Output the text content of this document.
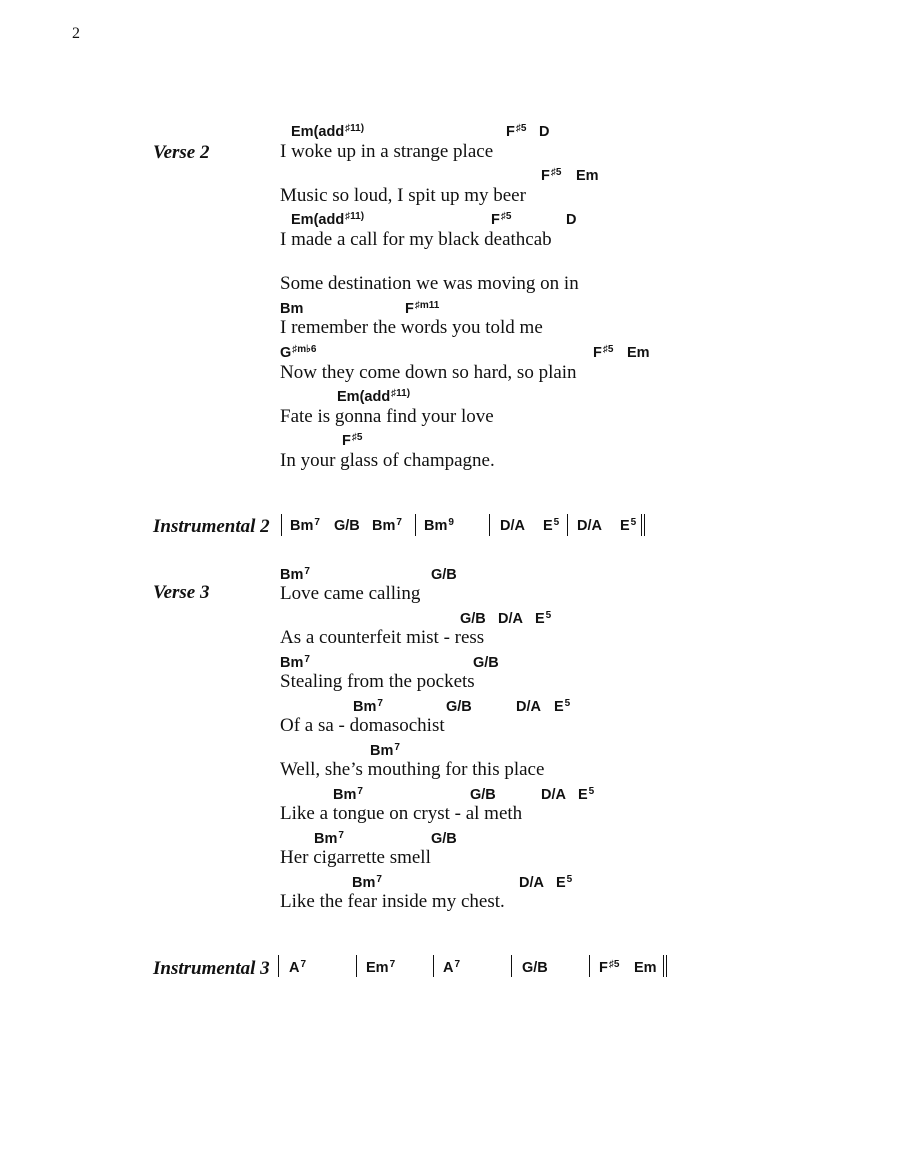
2
Verse 2
Em(add$^{♯11)}$	$F^{♯5}$ D
I woke up in a strange place
$F^{♯5}$ Em
Music so loud, I spit up my beer
Em(add$^{♯11)}$	$F^{♯5}$	D
I made a call for my black deathcab
Some destination we was moving on in
Bm	$F^{♯m11}$
I remember the words you told me
$G^{♯m♭6}$	$F^{♯5}$ Em
Now they come down so hard, so plain
Em(add$^{♯11)}$
Fate is gonna find your love
$F^{♯5}$
In your glass of champagne.
Instrumental 2 Bm$^7$ G/B Bm$^7$ Bm$^9$	D/A $E^5$ D/A $E^5$
Verse 3
Bm$^7$	G/B
Love came calling
G/B D/A $E^5$
As a counterfeit mist - ress
Bm$^7$	G/B
Stealing from the pockets
Bm$^7$	G/B	D/A $E^5$
Of a sa - domasochist
Bm$^7$
Well, she’s mouthing for this place
Bm$^7$	G/B	D/A $E^5$
Like a tongue on cryst - al meth
Bm$^7$	G/B
Her cigarrette smell
Bm$^7$	D/A $E^5$
Like the fear inside my chest.
Instrumental 3 $A^7$	Em$^7$	$A^7$	G/B	$F^{♯5}$ Em
